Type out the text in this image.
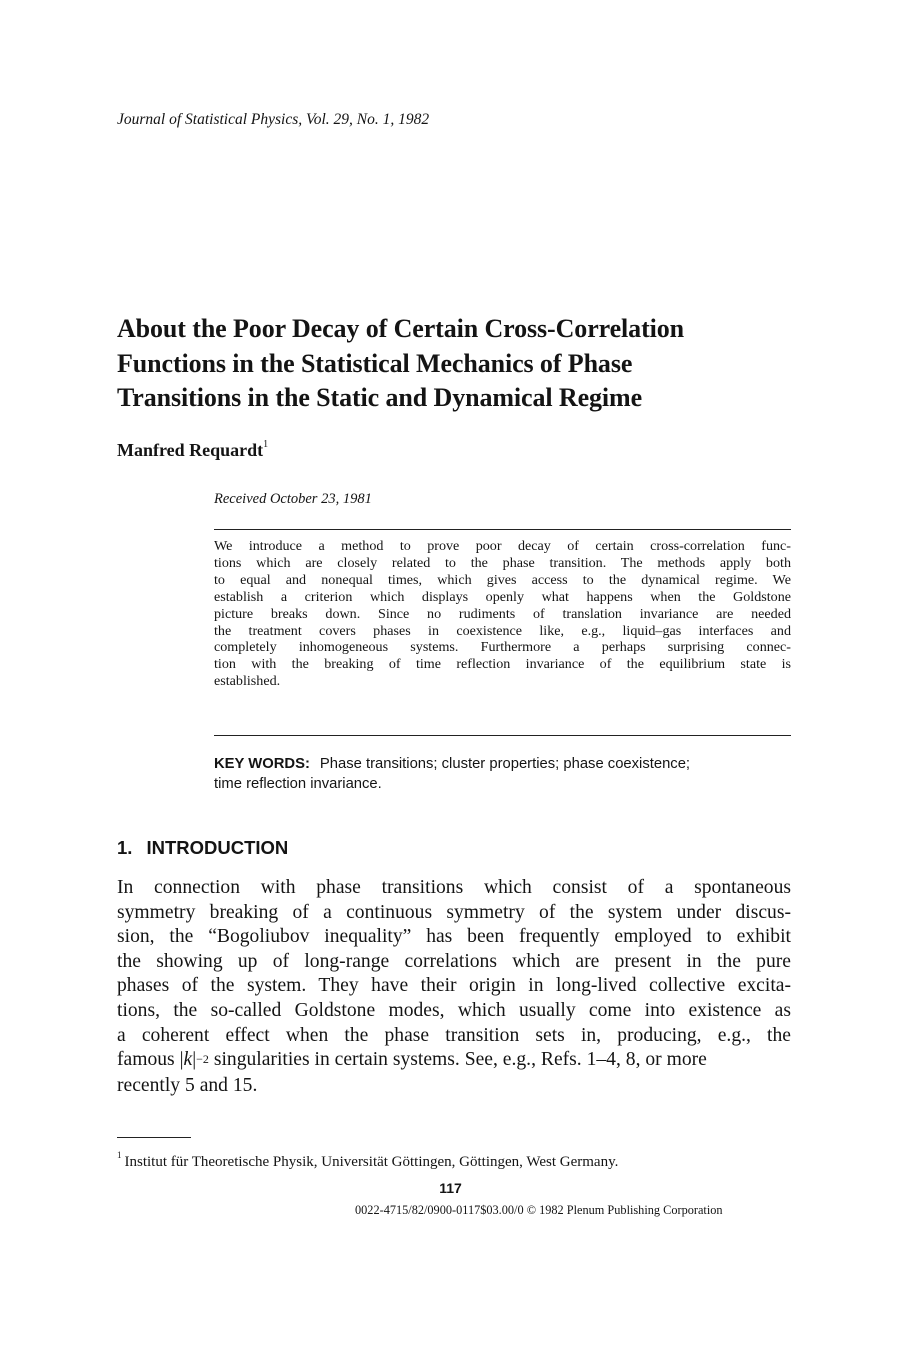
Journal of Statistical Physics, Vol. 29, No. 1, 1982
About the Poor Decay of Certain Cross-Correlation
Functions in the Statistical Mechanics of Phase
Transitions in the Static and Dynamical Regime
Manfred Requardt$^1$
Received October 23, 1981
We introduce a method to prove poor decay of certain cross-correlation func-
tions which are closely related to the phase transition. The methods apply both
to equal and nonequal times, which gives access to the dynamical regime. We
establish a criterion which displays openly what happens when the Goldstone
picture breaks down. Since no rudiments of translation invariance are needed
the treatment covers phases in coexistence like, e.g., liquid–gas interfaces and
completely inhomogeneous systems. Furthermore a perhaps surprising connec-
tion with the breaking of time reflection invariance of the equilibrium state is
established.
KEY WORDS: Phase transitions; cluster properties; phase coexistence;
time reflection invariance.
1. INTRODUCTION
In connection with phase transitions which consist of a spontaneous
symmetry breaking of a continuous symmetry of the system under discus-
sion, the “Bogoliubov inequality” has been frequently employed to exhibit
the showing up of long-range correlations which are present in the pure
phases of the system. They have their origin in long-lived collective excita-
tions, the so-called Goldstone modes, which usually come into existence as
a coherent effect when the phase transition sets in, producing, e.g., the
famous $|k|^{-2}$ singularities in certain systems. See, e.g., Refs. 1–4, 8, or more
recently 5 and 15.
$^1$ Institut für Theoretische Physik, Universität Göttingen, Göttingen, West Germany.
117
0022-4715/82/0900-0117$03.00/0 © 1982 Plenum Publishing Corporation
